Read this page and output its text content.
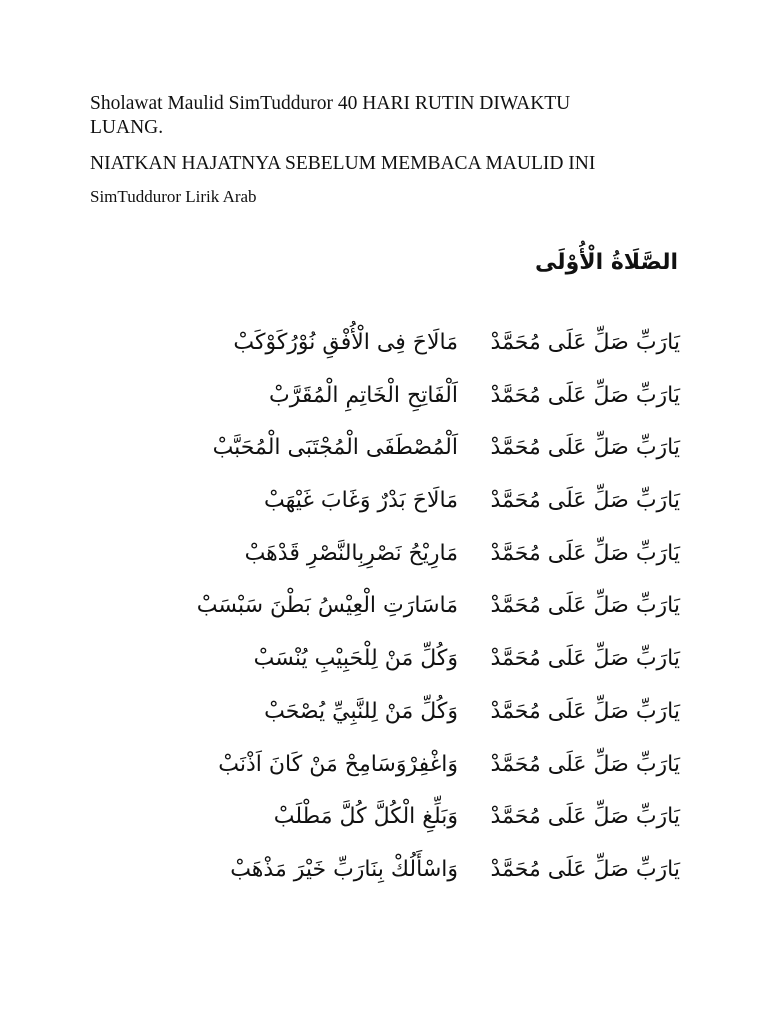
Sholawat Maulid SimTudduror 40 HARI RUTIN DIWAKTU
LUANG.
NIATKAN HAJATNYA SEBELUM MEMBACA MAULID INI
SimTudduror Lirik Arab
الصَّلَاةُ الْأُوْلَى
يَارَبِّ صَلِّ عَلَى مُحَمَّدْ
مَالَاحَ فِى الْأُفْقِ نُوْرُكَوْكَبْ
يَارَبِّ صَلِّ عَلَى مُحَمَّدْ
اَلْفَاتِحِ الْخَاتِمِ الْمُقَرَّبْ
يَارَبِّ صَلِّ عَلَى مُحَمَّدْ
اَلْمُصْطَفَى الْمُجْتَبَى الْمُحَبَّبْ
يَارَبِّ صَلِّ عَلَى مُحَمَّدْ
مَالَاحَ بَدْرٌ وَغَابَ غَيْهَبْ
يَارَبِّ صَلِّ عَلَى مُحَمَّدْ
مَارِيْحُ نَصْرِبِالنَّصْرِ قَدْهَبْ
يَارَبِّ صَلِّ عَلَى مُحَمَّدْ
مَاسَارَتِ الْعِيْسُ بَطْنَ سَبْسَبْ
يَارَبِّ صَلِّ عَلَى مُحَمَّدْ
وَكُلِّ مَنْ لِلْحَبِيْبِ يُنْسَبْ
يَارَبِّ صَلِّ عَلَى مُحَمَّدْ
وَكُلِّ مَنْ لِلنَّبِيِّ يُصْحَبْ
يَارَبِّ صَلِّ عَلَى مُحَمَّدْ
وَاغْفِرْوَسَامِحْ مَنْ كَانَ اَذْنَبْ
يَارَبِّ صَلِّ عَلَى مُحَمَّدْ
وَبَلِّغِ الْكُلَّ كُلَّ مَطْلَبْ
يَارَبِّ صَلِّ عَلَى مُحَمَّدْ
وَاسْأَلُكْ بِنَارَبِّ خَيْرَ مَذْهَبْ
